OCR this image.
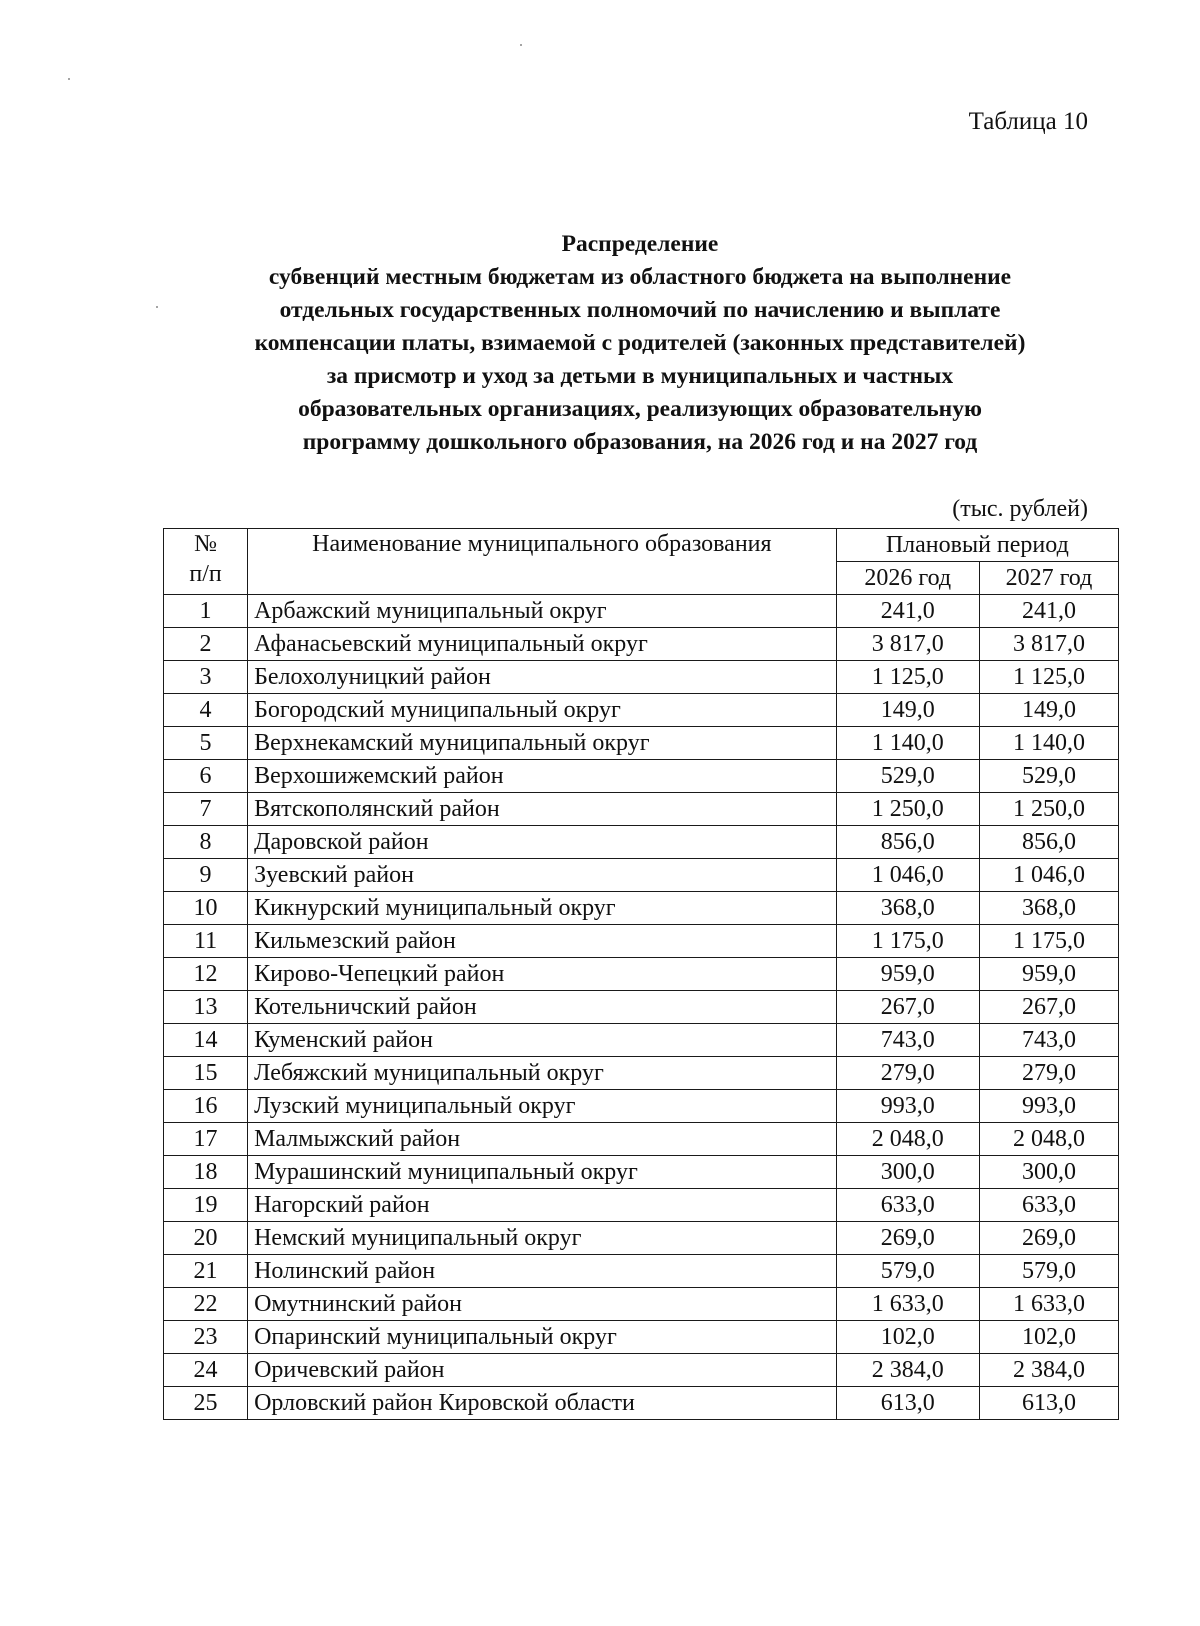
Таблица 10
Распределение
субвенций местным бюджетам из областного бюджета на выполнение
отдельных государственных полномочий по начислению и выплате
компенсации платы, взимаемой с родителей (законных представителей)
за присмотр и уход за детьми в муниципальных и частных
образовательных организациях, реализующих образовательную
программу дошкольного образования, на 2026 год и на 2027 год
(тыс. рублей)
№
п/п	Наименование муниципального образования	Плановый период	
		2026 год	2027 год
1	Арбажский муниципальный округ	241,0	241,0
2	Афанасьевский муниципальный округ	3 817,0	3 817,0
3	Белохолуницкий район	1 125,0	1 125,0
4	Богородский муниципальный округ	149,0	149,0
5	Верхнекамский муниципальный округ	1 140,0	1 140,0
6	Верхошижемский район	529,0	529,0
7	Вятскополянский район	1 250,0	1 250,0
8	Даровской район	856,0	856,0
9	Зуевский район	1 046,0	1 046,0
10	Кикнурский муниципальный округ	368,0	368,0
11	Кильмезский район	1 175,0	1 175,0
12	Кирово-Чепецкий район	959,0	959,0
13	Котельничский район	267,0	267,0
14	Куменский район	743,0	743,0
15	Лебяжский муниципальный округ	279,0	279,0
16	Лузский муниципальный округ	993,0	993,0
17	Малмыжский район	2 048,0	2 048,0
18	Мурашинский муниципальный округ	300,0	300,0
19	Нагорский район	633,0	633,0
20	Немский муниципальный округ	269,0	269,0
21	Нолинский район	579,0	579,0
22	Омутнинский район	1 633,0	1 633,0
23	Опаринский муниципальный округ	102,0	102,0
24	Оричевский район	2 384,0	2 384,0
25	Орловский район Кировской области	613,0	613,0
